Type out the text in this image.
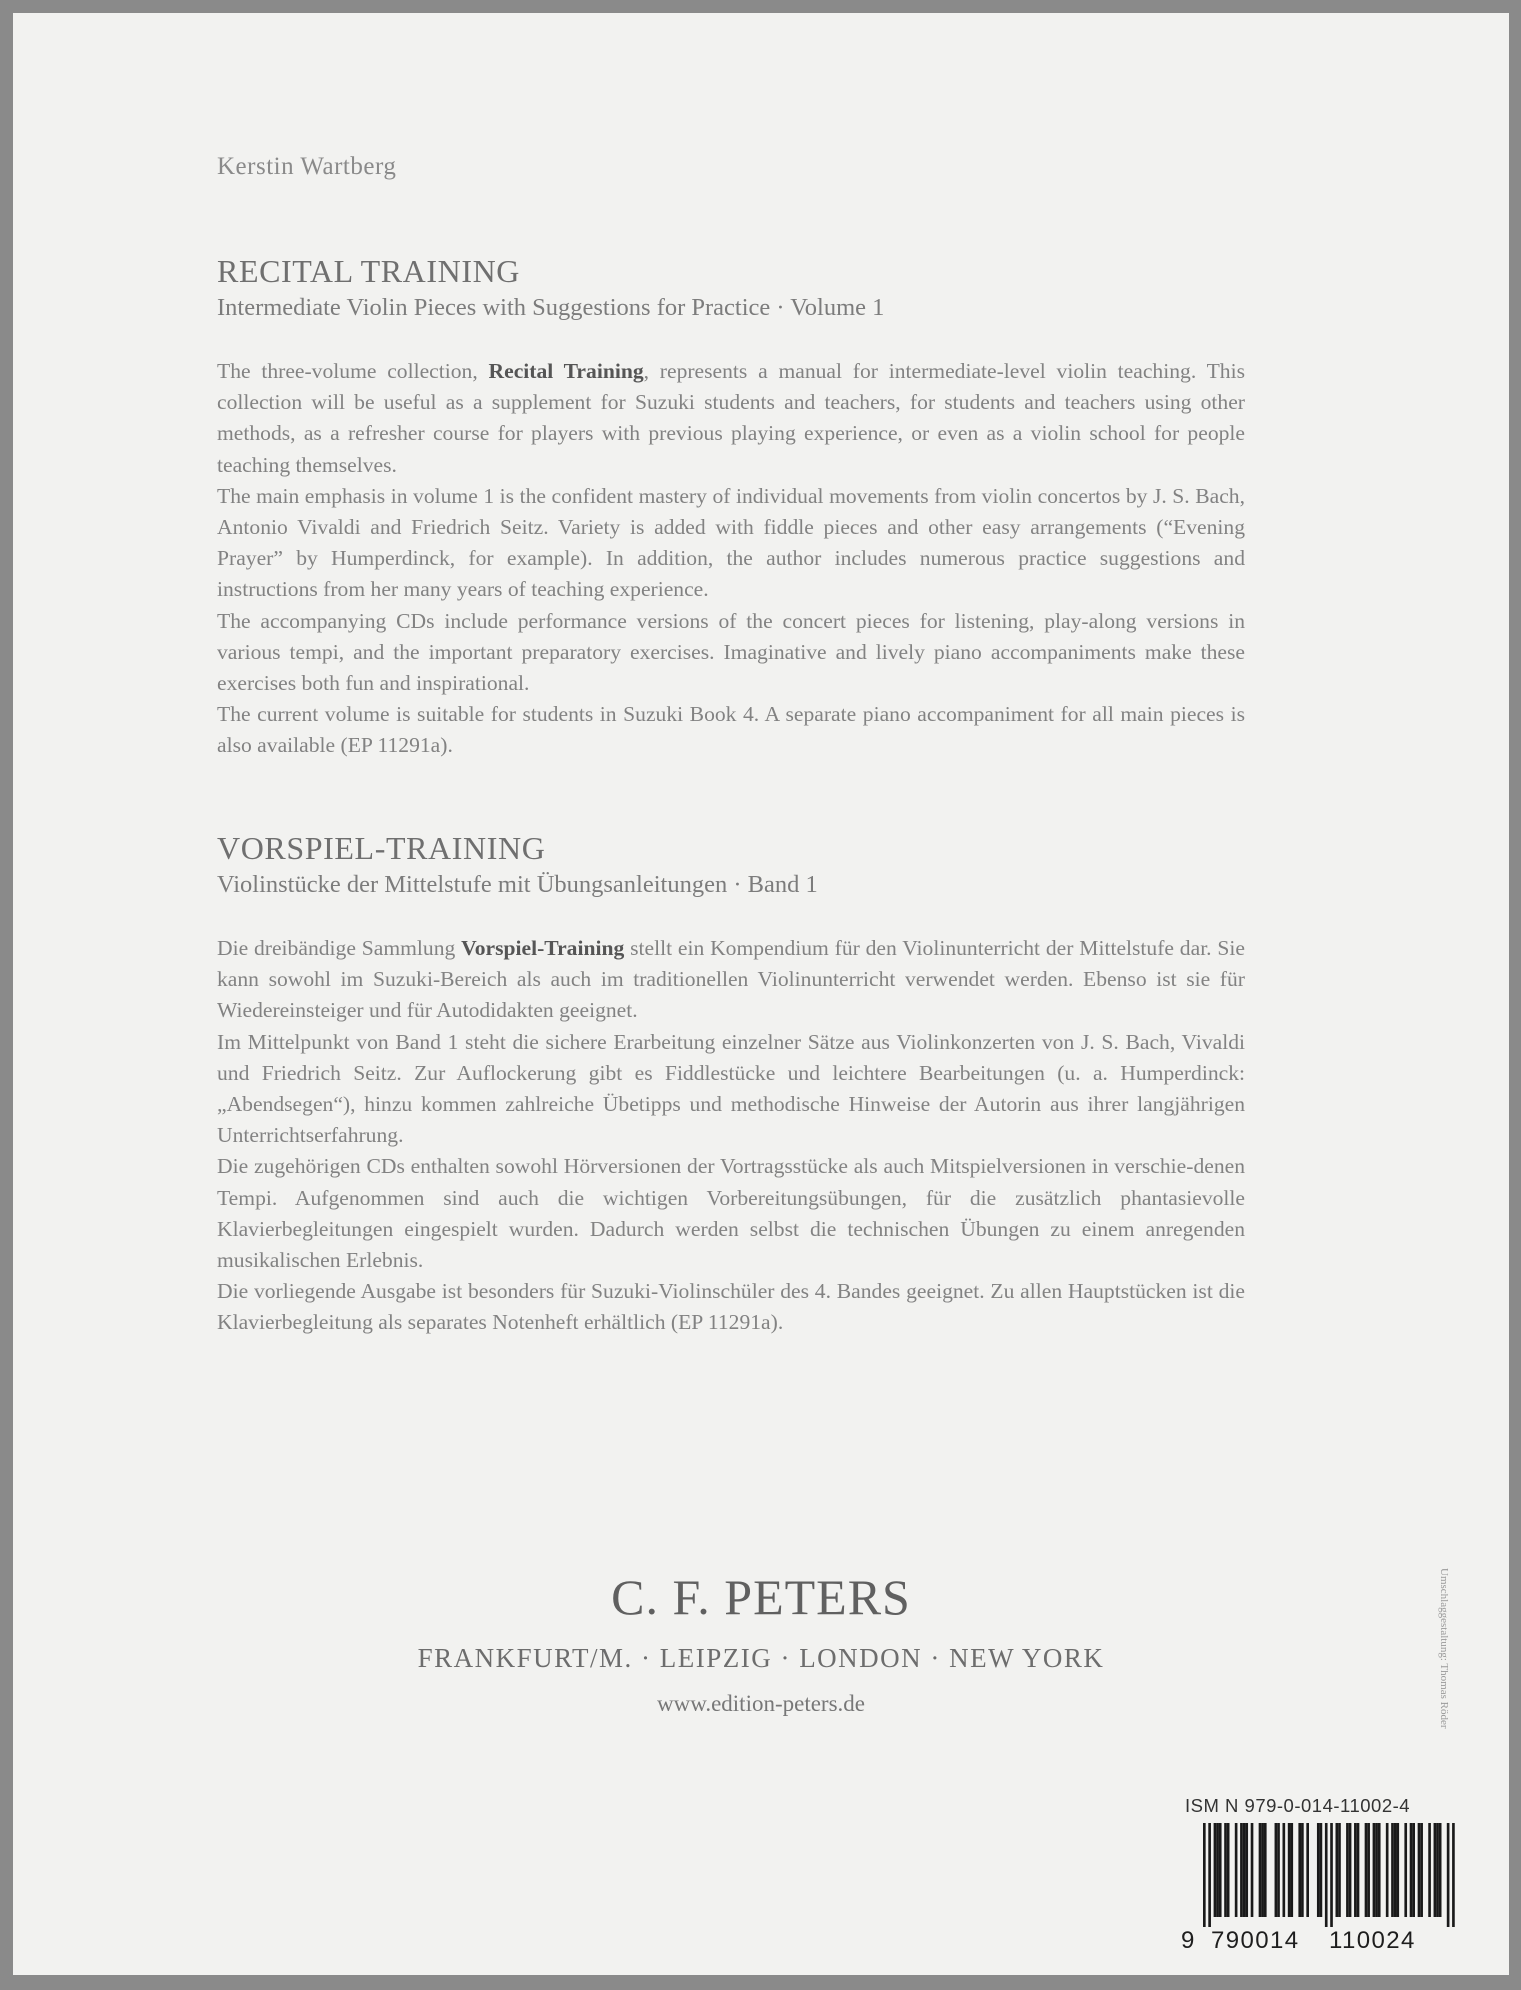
Kerstin Wartberg

RECITAL TRAINING

Intermediate Violin Pieces with Suggestions for Practice · Volume 1

The three-volume collection, Recital Training, represents a manual for intermediate-level violin teaching. This collection will be useful as a supplement for Suzuki students and teachers, for students and teachers using other methods, as a refresher course for players with previous playing experience, or even as a violin school for people teaching themselves.

The main emphasis in volume 1 is the confident mastery of individual movements from violin concertos by J. S. Bach, Antonio Vivaldi and Friedrich Seitz. Variety is added with fiddle pieces and other easy arrangements (“Evening Prayer” by Humperdinck, for example). In addition, the author includes numerous practice suggestions and instructions from her many years of teaching experience.

The accompanying CDs include performance versions of the concert pieces for listening, play-along versions in various tempi, and the important preparatory exercises. Imaginative and lively piano accompaniments make these exercises both fun and inspirational.

The current volume is suitable for students in Suzuki Book 4. A separate piano accompaniment for all main pieces is also available (EP 11291a).

VORSPIEL-TRAINING

Violinstücke der Mittelstufe mit Übungsanleitungen · Band 1

Die dreibändige Sammlung Vorspiel-Training stellt ein Kompendium für den Violinunterricht der Mittelstufe dar. Sie kann sowohl im Suzuki-Bereich als auch im traditionellen Violinunterricht verwendet werden. Ebenso ist sie für Wiedereinsteiger und für Autodidakten geeignet.

Im Mittelpunkt von Band 1 steht die sichere Erarbeitung einzelner Sätze aus Violinkonzerten von J. S. Bach, Vivaldi und Friedrich Seitz. Zur Auflockerung gibt es Fiddlestücke und leichtere Bearbeitungen (u. a. Humperdinck: „Abendsegen“), hinzu kommen zahlreiche Übetipps und methodische Hinweise der Autorin aus ihrer langjährigen Unterrichtserfahrung.

Die zugehörigen CDs enthalten sowohl Hörversionen der Vortragsstücke als auch Mitspielversionen in verschie-denen Tempi. Aufgenommen sind auch die wichtigen Vorbereitungsübungen, für die zusätzlich phantasievolle Klavierbegleitungen eingespielt wurden. Dadurch werden selbst die technischen Übungen zu einem anregenden musikalischen Erlebnis.

Die vorliegende Ausgabe ist besonders für Suzuki-Violinschüler des 4. Bandes geeignet. Zu allen Hauptstücken ist die Klavierbegleitung als separates Notenheft erhältlich (EP 11291a).

C. F. PETERS

FRANKFURT/M. · LEIPZIG · LONDON · NEW YORK

www.edition-peters.de	Umschlaggestaltung: Thomas Röder

ISM N 979-0-014-11002-4

9 790014 110024
